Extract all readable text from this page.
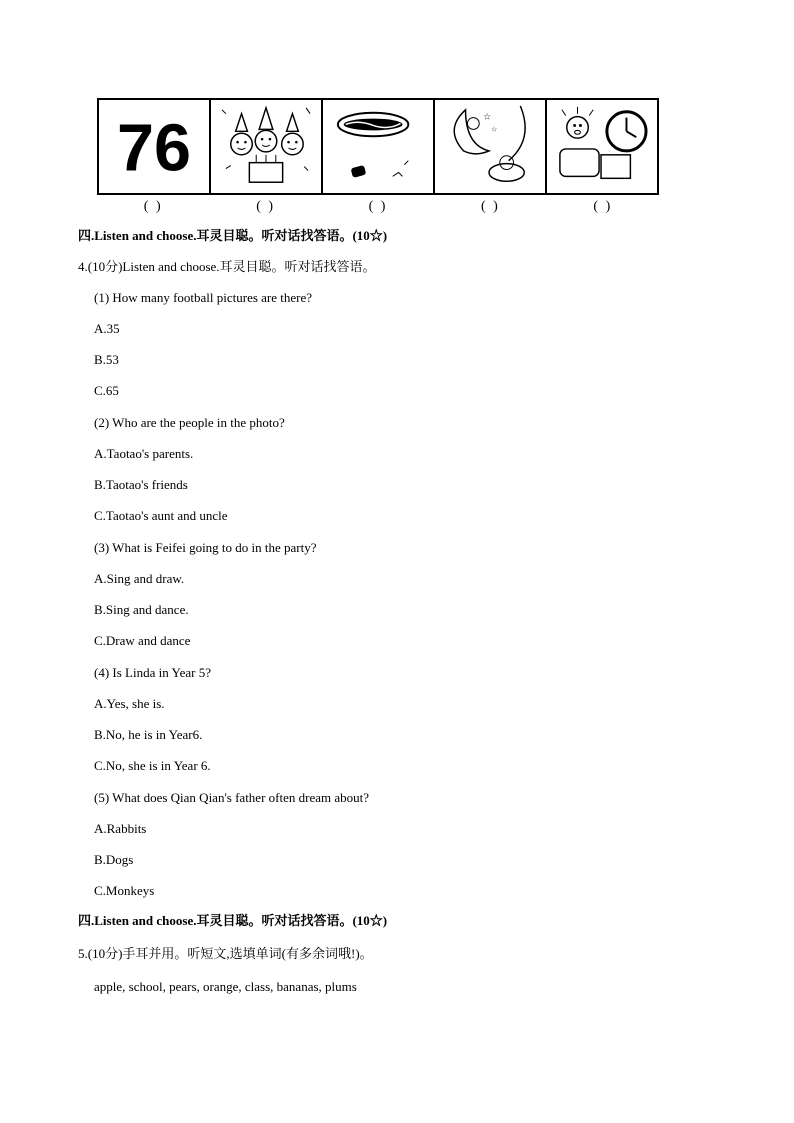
76	☆
☆
( )	( )	( )	( )	( )
四.Listen and choose.耳灵目聪。听对话找答语。(10☆)
4.(10分)Listen and choose.耳灵目聪。听对话找答语。
(1) How many football pictures are there?
A.35
B.53
C.65
(2) Who are the people in the photo?
A.Taotao's parents.
B.Taotao's friends
C.Taotao's aunt and uncle
(3) What is Feifei going to do in the party?
A.Sing and draw.
B.Sing and dance.
C.Draw and dance
(4) Is Linda in Year 5?
A.Yes, she is.
B.No, he is in Year6.
C.No, she is in Year 6.
(5) What does Qian Qian's father often dream about?
A.Rabbits
B.Dogs
C.Monkeys
四.Listen and choose.耳灵目聪。听对话找答语。(10☆)
5.(10分)手耳并用。听短文,选填单词(有多余词哦!)。
apple, school, pears, orange, class, bananas, plums
